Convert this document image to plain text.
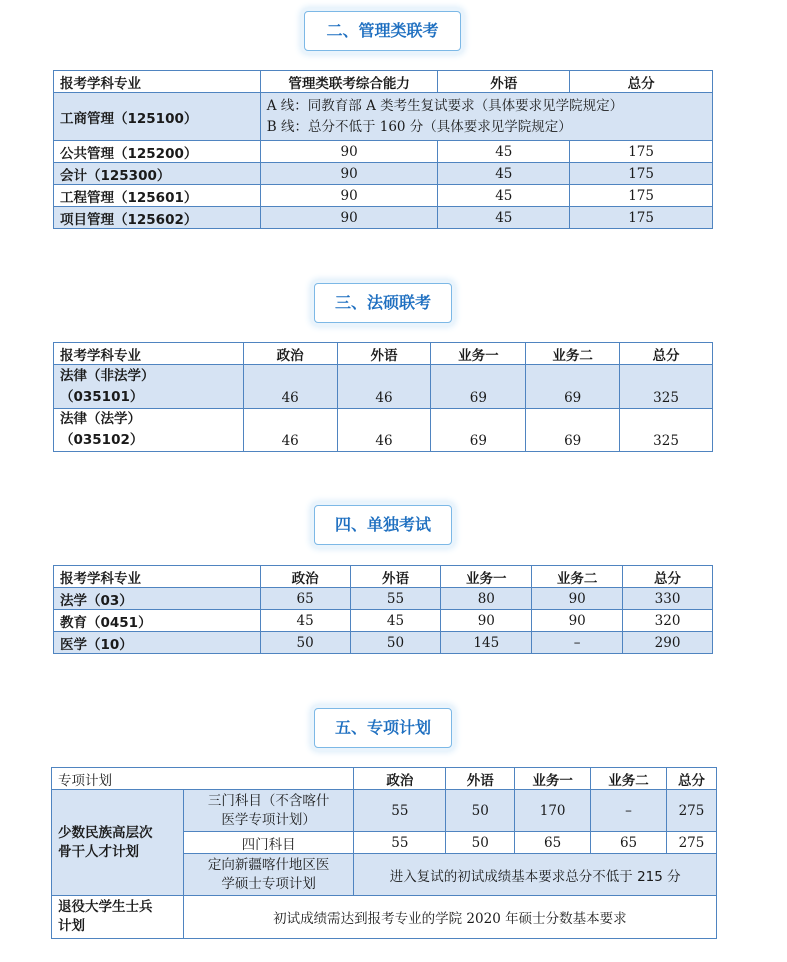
二、管理类联考
报考学科专业	管理类联考综合能力	外语	总分
工商管理（125100）	A 线：同教育部 A 类考生复试要求（具体要求见学院规定）
B 线：总分不低于 160 分（具体要求见学院规定）		

公共管理（125200）	90	45	175
会计（125300）	90	45	175
工程管理（125601）	90	45	175
项目管理（125602）	90	45	175
三、法硕联考
报考学科专业	政治	外语	业务一	业务二	总分

法律（非法学）
（035101）	46	46	69	69	325

法律（法学）
（035102）	46	46	69	69	325
四、单独考试
报考学科专业	政治	外语	业务一	业务二	总分
法学（03）	65	55	80	90	330
教育（0451）	45	45	90	90	320
医学（10）	50	50	145	–	290
五、专项计划
专项计划		政治	外语	业务一	业务二	总分
少数民族高层次
骨干人才计划	三门科目（不含喀什
医学专项计划）	55	50	170	–	275
	四门科目	55	50	65	65	275
	定向新疆喀什地区医
学硕士专项计划	进入复试的初试成绩基本要求总分不低于 215 分				
退役大学生士兵
计划	初试成绩需达到报考专业的学院 2020 年硕士分数基本要求					
